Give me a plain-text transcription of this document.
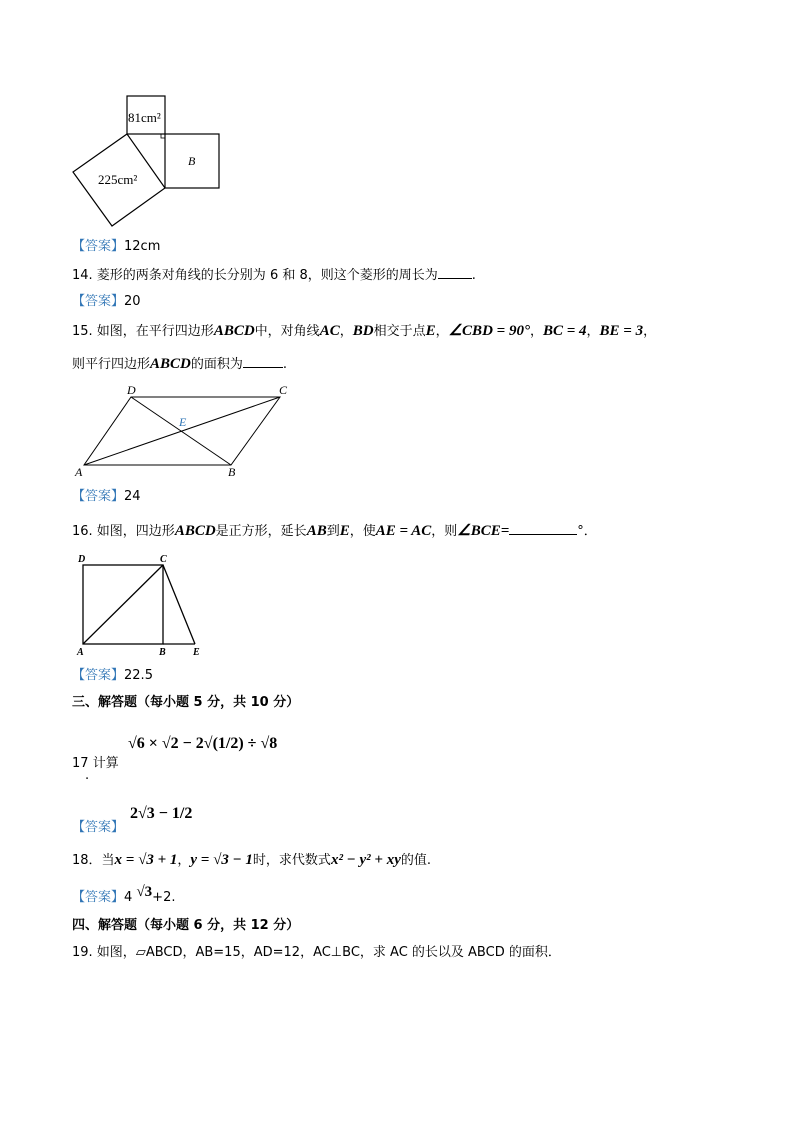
81cm²
225cm²
B
【答案】12cm
14. 菱形的两条对角线的长分别为 6 和 8，则这个菱形的周长为	.
【答案】20
15. 如图，在平行四边形ABCD中，对角线AC，BD相交于点E，∠CBD = 90°，BC = 4，BE = 3，
则平行四边形ABCD的面积为	.
D	C
E
A	B
【答案】24
16. 如图，四边形ABCD是正方形，延长AB到E，使AE = AC，则∠BCE=	°．
D	C
A	B	E
【答案】22.5
三、解答题（每小题 5 分，共 10 分）
17 计算
.
√6 × √2 − 2√(1/2) ÷ √8
【答案】
2√3 − 1/2
18．当x = √3 + 1，y = √3 − 1时，求代数式x² − y² + xy的值.
【答案】4 √3+2.
四、解答题（每小题 6 分，共 12 分）
19. 如图，▱ABCD，AB=15，AD=12，AC⊥BC，求 AC 的长以及 ABCD 的面积．
